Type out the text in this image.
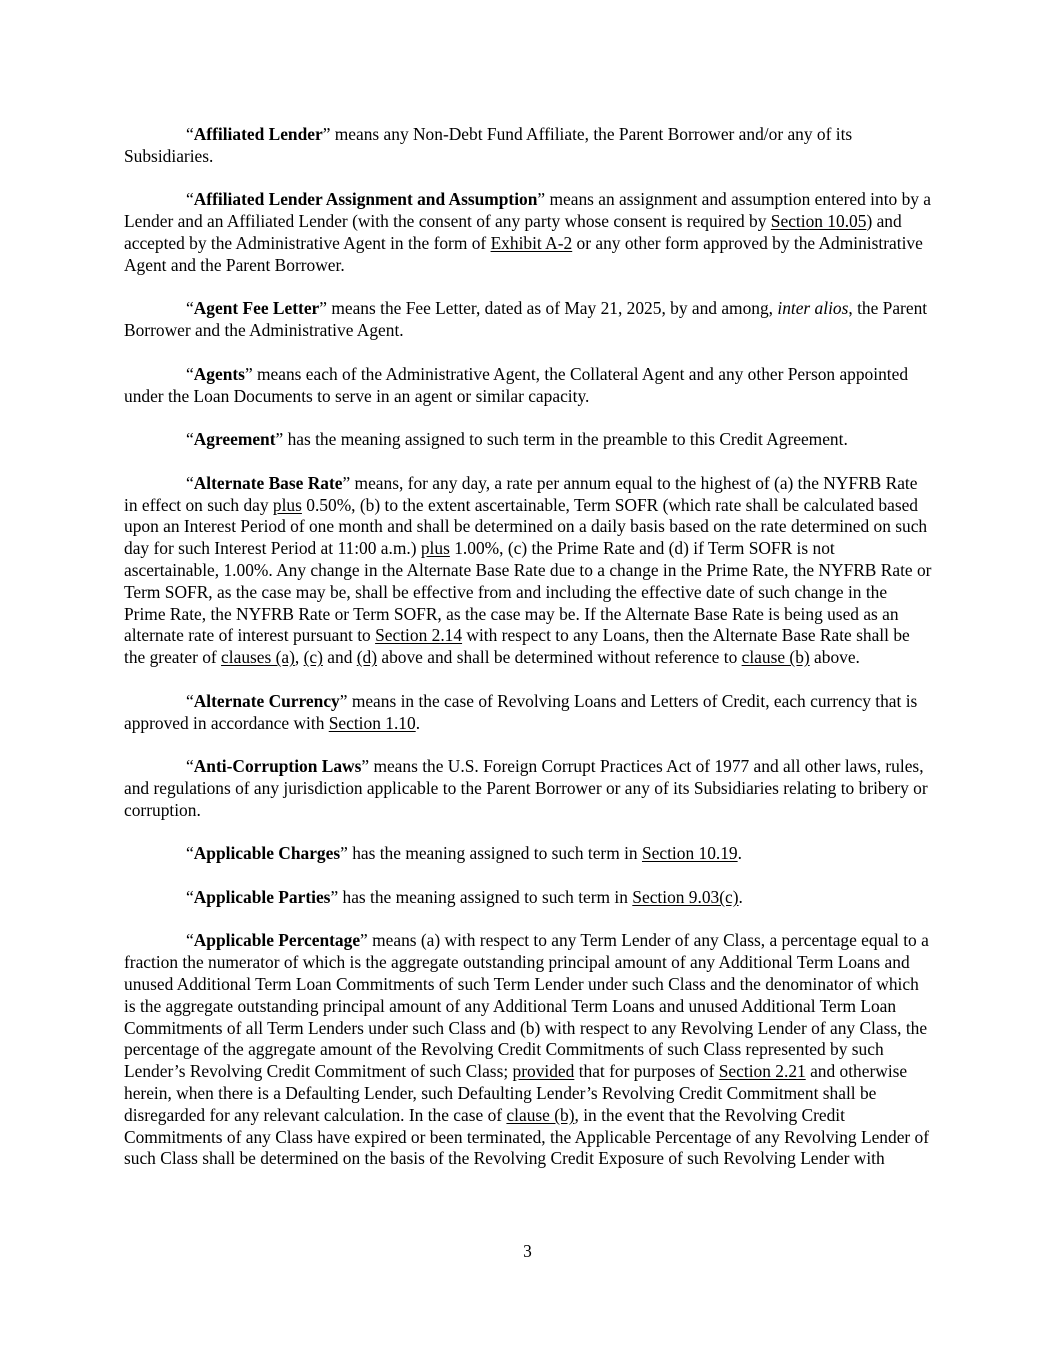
“Affiliated Lender” means any Non-Debt Fund Affiliate, the Parent Borrower and/or any of its Subsidiaries.

“Affiliated Lender Assignment and Assumption” means an assignment and assumption entered into by a Lender and an Affiliated Lender (with the consent of any party whose consent is required by Section 10.05) and accepted by the Administrative Agent in the form of Exhibit A-2 or any other form approved by the Administrative Agent and the Parent Borrower.

“Agent Fee Letter” means the Fee Letter, dated as of May 21, 2025, by and among, inter alios, the Parent Borrower and the Administrative Agent.

“Agents” means each of the Administrative Agent, the Collateral Agent and any other Person appointed under the Loan Documents to serve in an agent or similar capacity.

“Agreement” has the meaning assigned to such term in the preamble to this Credit Agreement.

“Alternate Base Rate” means, for any day, a rate per annum equal to the highest of (a) the NYFRB Rate in effect on such day plus 0.50%, (b) to the extent ascertainable, Term SOFR (which rate shall be calculated based upon an Interest Period of one month and shall be determined on a daily basis based on the rate determined on such day for such Interest Period at 11:00 a.m.) plus 1.00%, (c) the Prime Rate and (d) if Term SOFR is not ascertainable, 1.00%. Any change in the Alternate Base Rate due to a change in the Prime Rate, the NYFRB Rate or Term SOFR, as the case may be, shall be effective from and including the effective date of such change in the Prime Rate, the NYFRB Rate or Term SOFR, as the case may be. If the Alternate Base Rate is being used as an alternate rate of interest pursuant to Section 2.14 with respect to any Loans, then the Alternate Base Rate shall be the greater of clauses (a), (c) and (d) above and shall be determined without reference to clause (b) above.

“Alternate Currency” means in the case of Revolving Loans and Letters of Credit, each currency that is approved in accordance with Section 1.10.

“Anti-Corruption Laws” means the U.S. Foreign Corrupt Practices Act of 1977 and all other laws, rules, and regulations of any jurisdiction applicable to the Parent Borrower or any of its Subsidiaries relating to bribery or corruption.

“Applicable Charges” has the meaning assigned to such term in Section 10.19.

“Applicable Parties” has the meaning assigned to such term in Section 9.03(c).

“Applicable Percentage” means (a) with respect to any Term Lender of any Class, a percentage equal to a fraction the numerator of which is the aggregate outstanding principal amount of any Additional Term Loans and unused Additional Term Loan Commitments of such Term Lender under such Class and the denominator of which is the aggregate outstanding principal amount of any Additional Term Loans and unused Additional Term Loan Commitments of all Term Lenders under such Class and (b) with respect to any Revolving Lender of any Class, the percentage of the aggregate amount of the Revolving Credit Commitments of such Class represented by such Lender’s Revolving Credit Commitment of such Class; provided that for purposes of Section 2.21 and otherwise herein, when there is a Defaulting Lender, such Defaulting Lender’s Revolving Credit Commitment shall be disregarded for any relevant calculation. In the case of clause (b), in the event that the Revolving Credit Commitments of any Class have expired or been terminated, the Applicable Percentage of any Revolving Lender of such Class shall be determined on the basis of the Revolving Credit Exposure of such Revolving Lender with

3
